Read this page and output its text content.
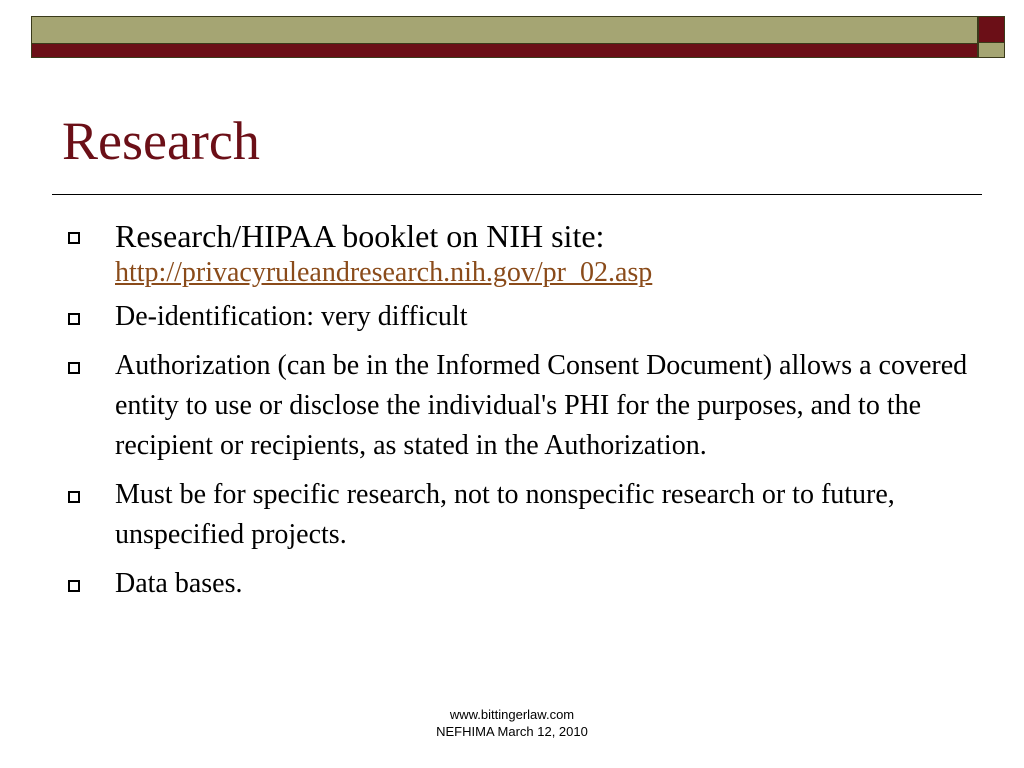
Research
Research/HIPAA booklet on NIH site:
http://privacyruleandresearch.nih.gov/pr_02.asp
De-identification: very difficult
Authorization (can be in the Informed Consent Document) allows a covered entity to use or disclose the individual's PHI for the purposes, and to the recipient or recipients, as stated in the Authorization.
Must be for specific research, not to nonspecific research or to future, unspecified projects.
Data bases.
www.bittingerlaw.com
NEFHIMA March 12, 2010
